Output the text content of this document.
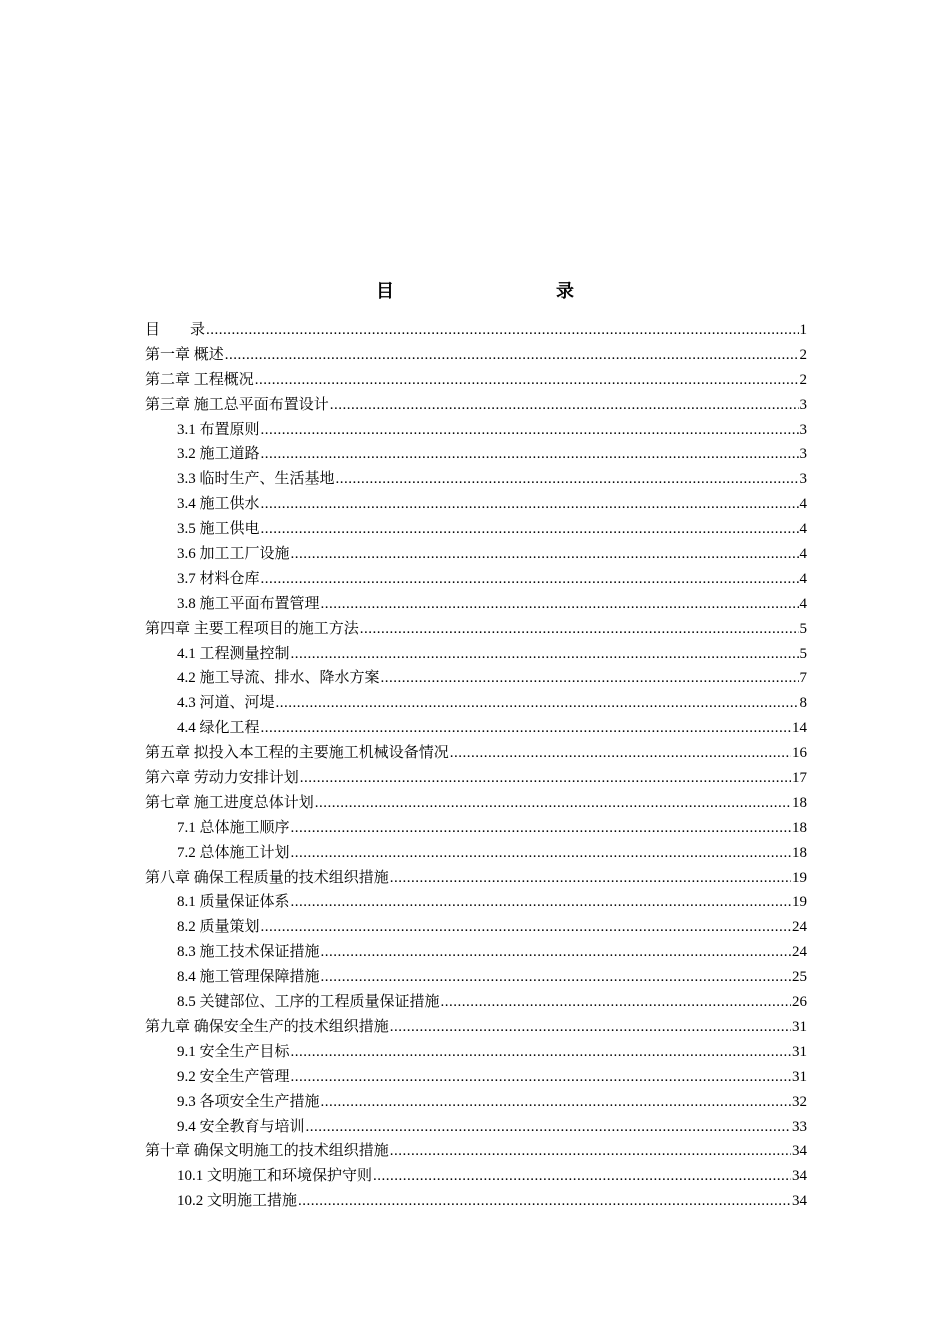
目　　录
目　　录 .....	1
第一章 概述 .....	2
第二章 工程概况 .....	2
第三章 施工总平面布置设计 .....	3
3.1 布置原则 .....	3
3.2 施工道路 .....	3
3.3 临时生产、生活基地 .....	3
3.4 施工供水 .....	4
3.5 施工供电 .....	4
3.6 加工工厂设施 .....	4
3.7 材料仓库 .....	4
3.8 施工平面布置管理 .....	4
第四章 主要工程项目的施工方法 .....	5
4.1 工程测量控制 .....	5
4.2 施工导流、排水、降水方案 .....	7
4.3 河道、河堤 .....	8
4.4 绿化工程 .....	14
第五章 拟投入本工程的主要施工机械设备情况 .....	16
第六章 劳动力安排计划 .....	17
第七章 施工进度总体计划 .....	18
7.1 总体施工顺序 .....	18
7.2 总体施工计划 .....	18
第八章 确保工程质量的技术组织措施 .....	19
8.1 质量保证体系 .....	19
8.2 质量策划 .....	24
8.3 施工技术保证措施 .....	24
8.4 施工管理保障措施 .....	25
8.5 关键部位、工序的工程质量保证措施 .....	26
第九章 确保安全生产的技术组织措施 .....	31
9.1 安全生产目标 .....	31
9.2 安全生产管理 .....	31
9.3 各项安全生产措施 .....	32
9.4 安全教育与培训 .....	33
第十章 确保文明施工的技术组织措施 .....	34
10.1 文明施工和环境保护守则 .....	34
10.2 文明施工措施 .....	34
